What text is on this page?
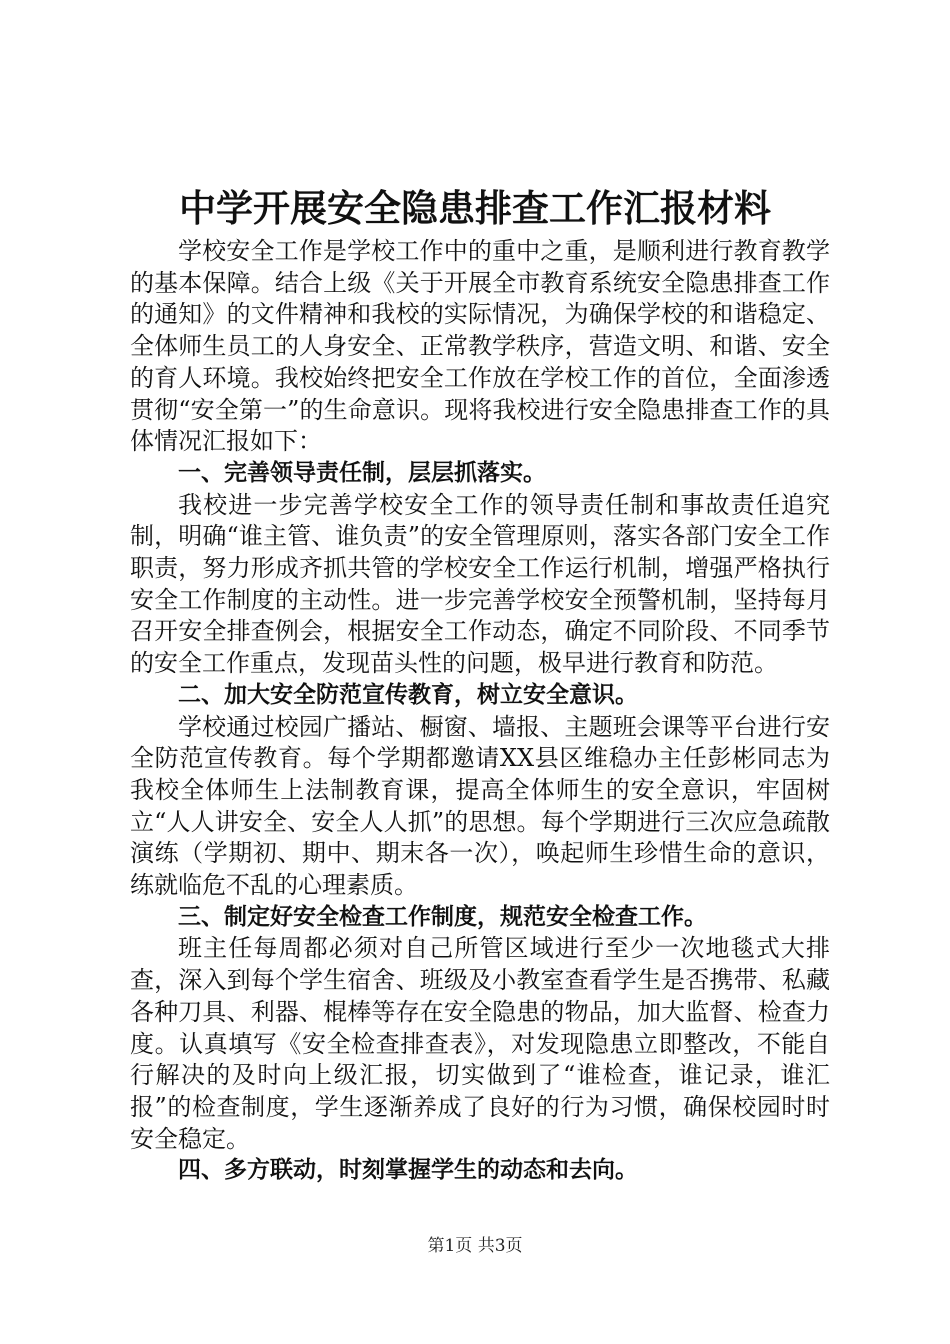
中学开展安全隐患排查工作汇报材料

学校安全工作是学校工作中的重中之重，是顺利进行教育教学的基本保障。结合上级《关于开展全市教育系统安全隐患排查工作的通知》的文件精神和我校的实际情况，为确保学校的和谐稳定、全体师生员工的人身安全、正常教学秩序，营造文明、和谐、安全的育人环境。我校始终把安全工作放在学校工作的首位，全面渗透贯彻“安全第一”的生命意识。现将我校进行安全隐患排查工作的具体情况汇报如下：

一、完善领导责任制，层层抓落实。

我校进一步完善学校安全工作的领导责任制和事故责任追究制，明确“谁主管、谁负责”的安全管理原则，落实各部门安全工作职责，努力形成齐抓共管的学校安全工作运行机制，增强严格执行安全工作制度的主动性。进一步完善学校安全预警机制，坚持每月召开安全排查例会，根据安全工作动态，确定不同阶段、不同季节的安全工作重点，发现苗头性的问题，极早进行教育和防范。

二、加大安全防范宣传教育，树立安全意识。

学校通过校园广播站、橱窗、墙报、主题班会课等平台进行安全防范宣传教育。每个学期都邀请XX县区维稳办主任彭彬同志为我校全体师生上法制教育课，提高全体师生的安全意识，牢固树立“人人讲安全、安全人人抓”的思想。每个学期进行三次应急疏散演练（学期初、期中、期末各一次），唤起师生珍惜生命的意识，练就临危不乱的心理素质。

三、制定好安全检查工作制度，规范安全检查工作。

班主任每周都必须对自己所管区域进行至少一次地毯式大排查，深入到每个学生宿舍、班级及小教室查看学生是否携带、私藏各种刀具、利器、棍棒等存在安全隐患的物品，加大监督、检查力度。认真填写《安全检查排查表》，对发现隐患立即整改，不能自行解决的及时向上级汇报，切实做到了“谁检查，谁记录，谁汇报”的检查制度，学生逐渐养成了良好的行为习惯，确保校园时时安全稳定。

四、多方联动，时刻掌握学生的动态和去向。

第1页 共3页
